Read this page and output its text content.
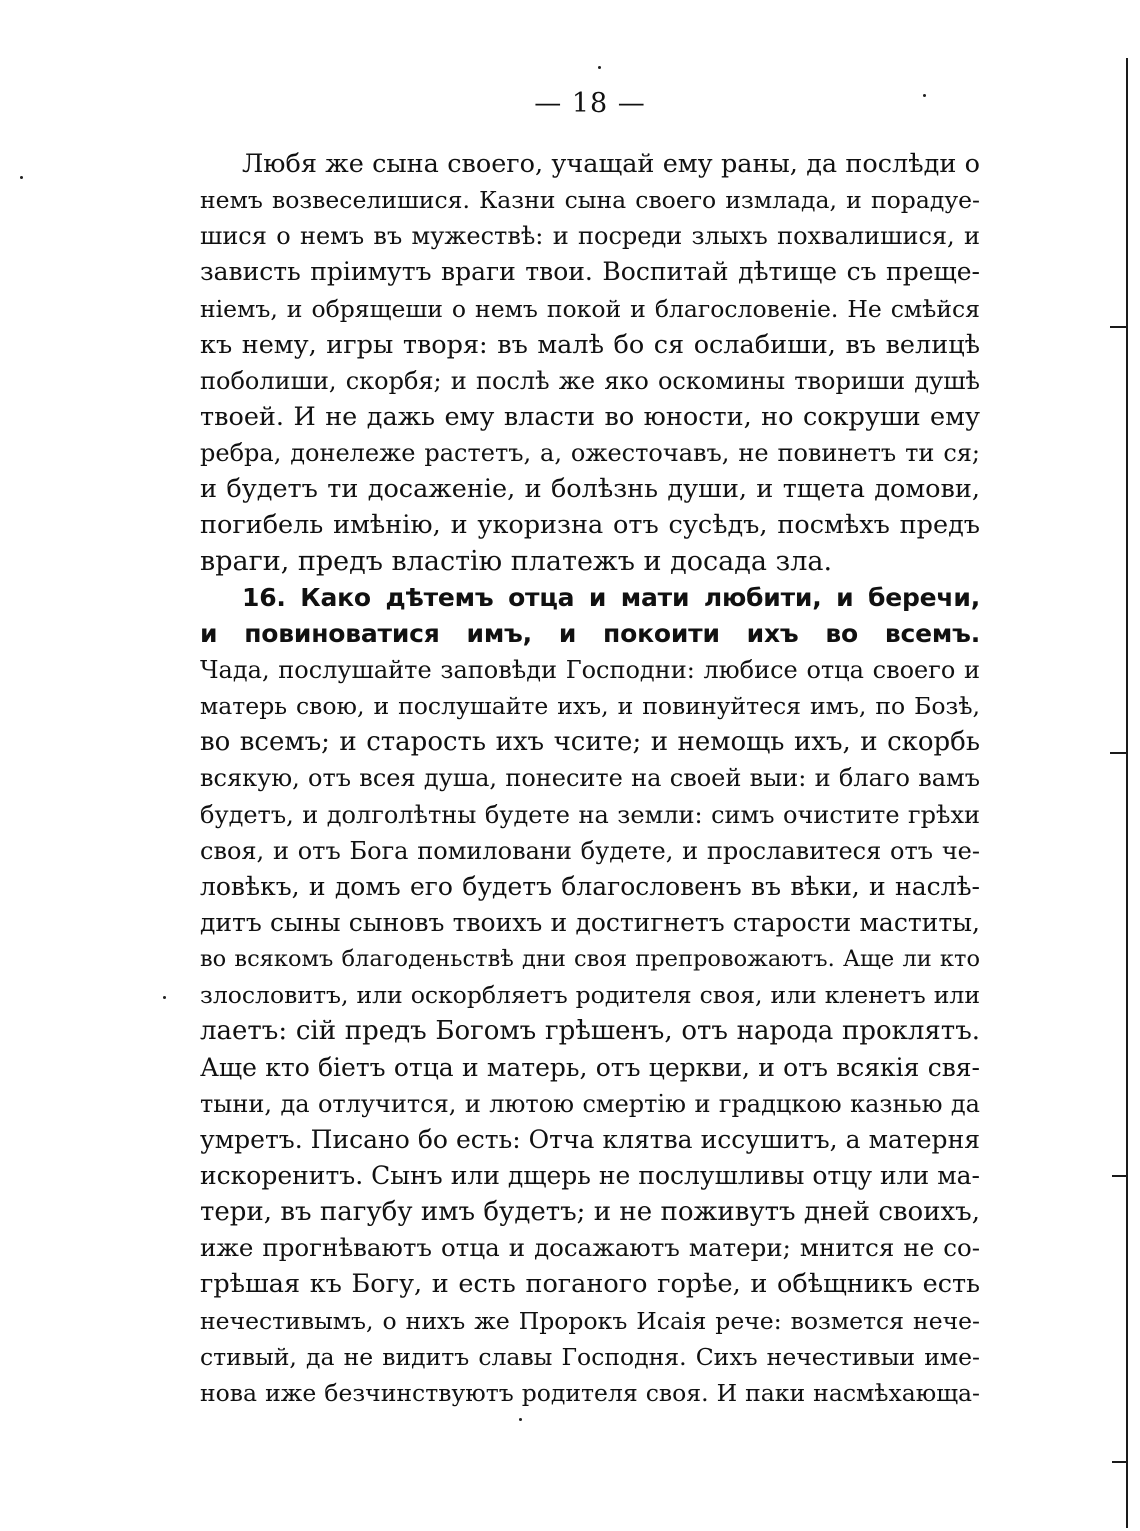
— 18 —
Любя же сына своего, учащай ему раны, да послѣди о
немъ возвеселишися. Казни сына своего измлада, и порадуе-
шися о немъ въ мужествѣ: и посреди злыхъ похвалишися, и
зависть пріимутъ враги твои. Воспитай дѣтище съ преще-
ніемъ, и обрящеши о немъ покой и благословеніе. Не смѣйся
къ нему, игры творя: въ малѣ бо ся ослабиши, въ велицѣ
поболиши, скорбя; и послѣ же яко оскомины твориши душѣ
твоей. И не дажь ему власти во юности, но сокруши ему
ребра, донележе растетъ, а, ожесточавъ, не повинетъ ти ся;
и будетъ ти досаженіе, и болѣзнь души, и тщета домови,
погибель имѣнію, и укоризна отъ сусѣдъ, посмѣхъ предъ
враги, предъ властію платежъ и досада зла.
16. Како дѣтемъ отца и мати любити, и беречи,
и повиноватися имъ, и покоити ихъ во всемъ.
Чада, послушайте заповѣди Господни: любисе отца своего и
матерь свою, и послушайте ихъ, и повинуйтеся имъ, по Бозѣ,
во всемъ; и старость ихъ чсите; и немощь ихъ, и скорбь
всякую, отъ всея душа, понесите на своей выи: и благо вамъ
будетъ, и долголѣтны будете на земли: симъ очистите грѣхи
своя, и отъ Бога помиловани будете, и прославитеся отъ че-
ловѣкъ, и домъ его будетъ благословенъ въ вѣки, и наслѣ-
дитъ сыны сыновъ твоихъ и достигнетъ старости маститы,
во всякомъ благоденьствѣ дни своя препровожаютъ. Аще ли кто
злословитъ, или оскорбляетъ родителя своя, или кленетъ или
лаетъ: сій предъ Богомъ грѣшенъ, отъ народа проклятъ.
Аще кто біетъ отца и матерь, отъ церкви, и отъ всякія свя-
тыни, да отлучится, и лютою смертію и градцкою казнью да
умретъ. Писано бо есть: Отча клятва иссушитъ, а матерня
искоренитъ. Сынъ или дщерь не послушливы отцу или ма-
тери, въ пагубу имъ будетъ; и не поживутъ дней своихъ,
иже прогнѣваютъ отца и досажаютъ матери; мнится не со-
грѣшая къ Богу, и есть поганого горѣе, и обѣщникъ есть
нечестивымъ, о нихъ же Пророкъ Исаія рече: возмется нече-
стивый, да не видитъ славы Господня. Сихъ нечестивыи име-
нова иже безчинствуютъ родителя своя. И паки насмѣхающа-
